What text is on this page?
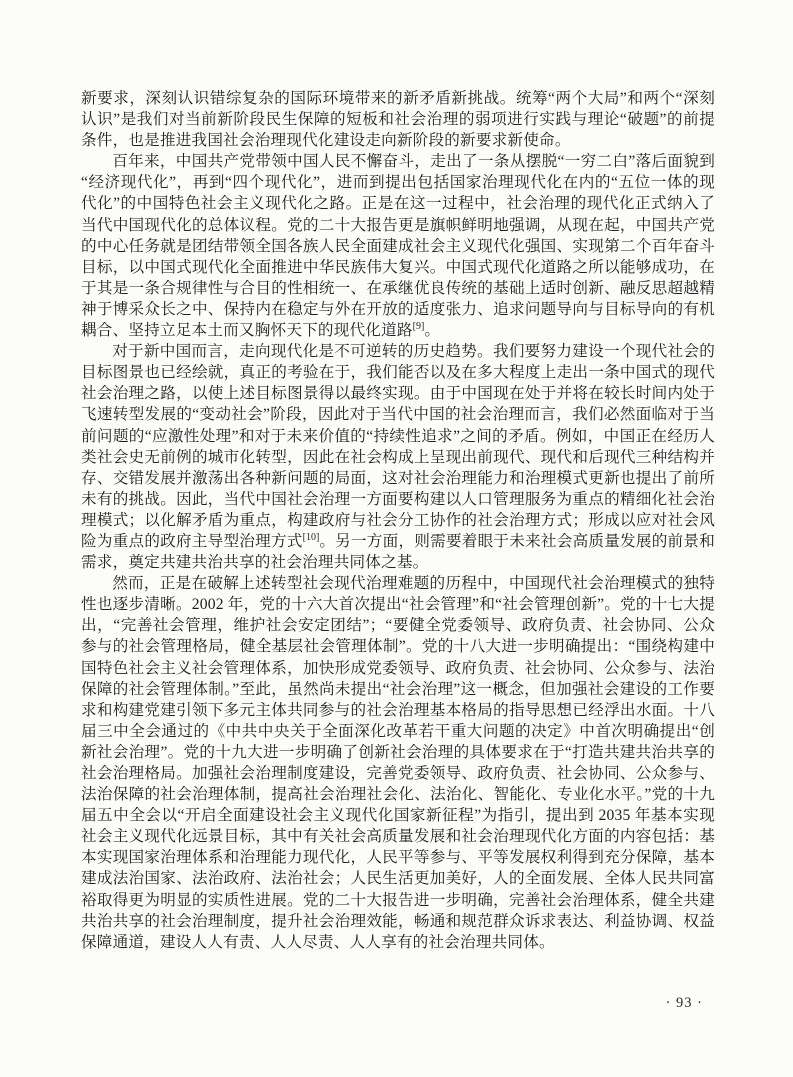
新要求，深刻认识错综复杂的国际环境带来的新矛盾新挑战。统筹“两个大局”和两个“深刻认识”是我们对当前新阶段民生保障的短板和社会治理的弱项进行实践与理论“破题”的前提条件，也是推进我国社会治理现代化建设走向新阶段的新要求新使命。

百年来，中国共产党带领中国人民不懈奋斗，走出了一条从摆脱“一穷二白”落后面貌到“经济现代化”，再到“四个现代化”，进而到提出包括国家治理现代化在内的“五位一体的现代化”的中国特色社会主义现代化之路。正是在这一过程中，社会治理的现代化正式纳入了当代中国现代化的总体议程。党的二十大报告更是旗帜鲜明地强调，从现在起，中国共产党的中心任务就是团结带领全国各族人民全面建成社会主义现代化强国、实现第二个百年奋斗目标，以中国式现代化全面推进中华民族伟大复兴。中国式现代化道路之所以能够成功，在于其是一条合规律性与合目的性相统一、在承继优良传统的基础上适时创新、融反思超越精神于博采众长之中、保持内在稳定与外在开放的适度张力、追求问题导向与目标导向的有机耦合、坚持立足本土而又胸怀天下的现代化道路[9]。

对于新中国而言，走向现代化是不可逆转的历史趋势。我们要努力建设一个现代社会的目标图景也已经绘就，真正的考验在于，我们能否以及在多大程度上走出一条中国式的现代社会治理之路，以使上述目标图景得以最终实现。由于中国现在处于并将在较长时间内处于飞速转型发展的“变动社会”阶段，因此对于当代中国的社会治理而言，我们必然面临对于当前问题的“应激性处理”和对于未来价值的“持续性追求”之间的矛盾。例如，中国正在经历人类社会史无前例的城市化转型，因此在社会构成上呈现出前现代、现代和后现代三种结构并存、交错发展并激荡出各种新问题的局面，这对社会治理能力和治理模式更新也提出了前所未有的挑战。因此，当代中国社会治理一方面要构建以人口管理服务为重点的精细化社会治理模式；以化解矛盾为重点，构建政府与社会分工协作的社会治理方式；形成以应对社会风险为重点的政府主导型治理方式[10]。另一方面，则需要着眼于未来社会高质量发展的前景和需求，奠定共建共治共享的社会治理共同体之基。

然而，正是在破解上述转型社会现代治理难题的历程中，中国现代社会治理模式的独特性也逐步清晰。2002 年，党的十六大首次提出“社会管理”和“社会管理创新”。党的十七大提出，“完善社会管理，维护社会安定团结”；“要健全党委领导、政府负责、社会协同、公众参与的社会管理格局，健全基层社会管理体制”。党的十八大进一步明确提出：“围绕构建中国特色社会主义社会管理体系，加快形成党委领导、政府负责、社会协同、公众参与、法治保障的社会管理体制。”至此，虽然尚未提出“社会治理”这一概念，但加强社会建设的工作要求和构建党建引领下多元主体共同参与的社会治理基本格局的指导思想已经浮出水面。十八届三中全会通过的《中共中央关于全面深化改革若干重大问题的决定》中首次明确提出“创新社会治理”。党的十九大进一步明确了创新社会治理的具体要求在于“打造共建共治共享的社会治理格局。加强社会治理制度建设，完善党委领导、政府负责、社会协同、公众参与、法治保障的社会治理体制，提高社会治理社会化、法治化、智能化、专业化水平。”党的十九届五中全会以“开启全面建设社会主义现代化国家新征程”为指引，提出到 2035 年基本实现社会主义现代化远景目标，其中有关社会高质量发展和社会治理现代化方面的内容包括：基本实现国家治理体系和治理能力现代化，人民平等参与、平等发展权利得到充分保障，基本建成法治国家、法治政府、法治社会；人民生活更加美好，人的全面发展、全体人民共同富裕取得更为明显的实质性进展。党的二十大报告进一步明确，完善社会治理体系，健全共建共治共享的社会治理制度，提升社会治理效能，畅通和规范群众诉求表达、利益协调、权益保障通道，建设人人有责、人人尽责、人人享有的社会治理共同体。

· 93 ·
